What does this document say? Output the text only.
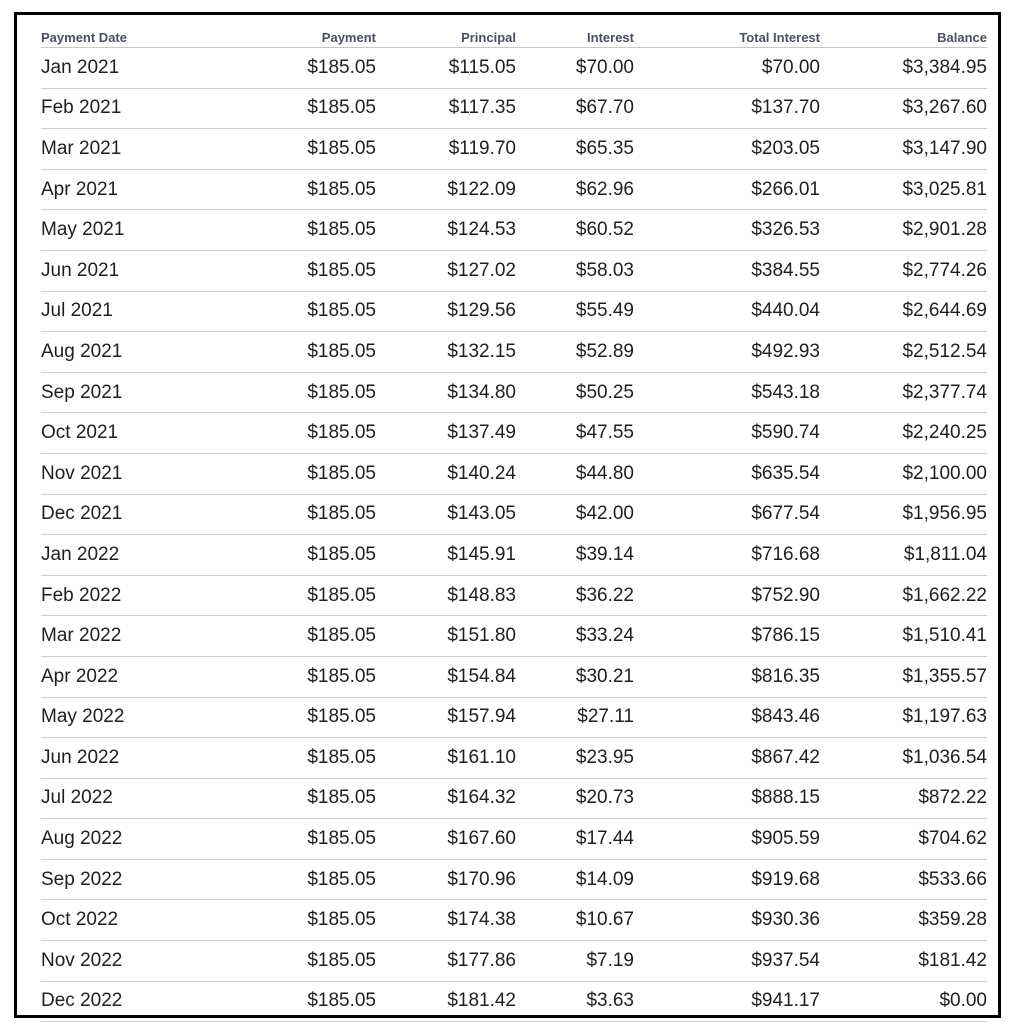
Payment Date	Payment	Principal	Interest	Total Interest	Balance
Jan 2021	$185.05	$115.05	$70.00	$70.00	$3,384.95
Feb 2021	$185.05	$117.35	$67.70	$137.70	$3,267.60
Mar 2021	$185.05	$119.70	$65.35	$203.05	$3,147.90
Apr 2021	$185.05	$122.09	$62.96	$266.01	$3,025.81
May 2021	$185.05	$124.53	$60.52	$326.53	$2,901.28
Jun 2021	$185.05	$127.02	$58.03	$384.55	$2,774.26
Jul 2021	$185.05	$129.56	$55.49	$440.04	$2,644.69
Aug 2021	$185.05	$132.15	$52.89	$492.93	$2,512.54
Sep 2021	$185.05	$134.80	$50.25	$543.18	$2,377.74
Oct 2021	$185.05	$137.49	$47.55	$590.74	$2,240.25
Nov 2021	$185.05	$140.24	$44.80	$635.54	$2,100.00
Dec 2021	$185.05	$143.05	$42.00	$677.54	$1,956.95
Jan 2022	$185.05	$145.91	$39.14	$716.68	$1,811.04
Feb 2022	$185.05	$148.83	$36.22	$752.90	$1,662.22
Mar 2022	$185.05	$151.80	$33.24	$786.15	$1,510.41
Apr 2022	$185.05	$154.84	$30.21	$816.35	$1,355.57
May 2022	$185.05	$157.94	$27.11	$843.46	$1,197.63
Jun 2022	$185.05	$161.10	$23.95	$867.42	$1,036.54
Jul 2022	$185.05	$164.32	$20.73	$888.15	$872.22
Aug 2022	$185.05	$167.60	$17.44	$905.59	$704.62
Sep 2022	$185.05	$170.96	$14.09	$919.68	$533.66
Oct 2022	$185.05	$174.38	$10.67	$930.36	$359.28
Nov 2022	$185.05	$177.86	$7.19	$937.54	$181.42
Dec 2022	$185.05	$181.42	$3.63	$941.17	$0.00
